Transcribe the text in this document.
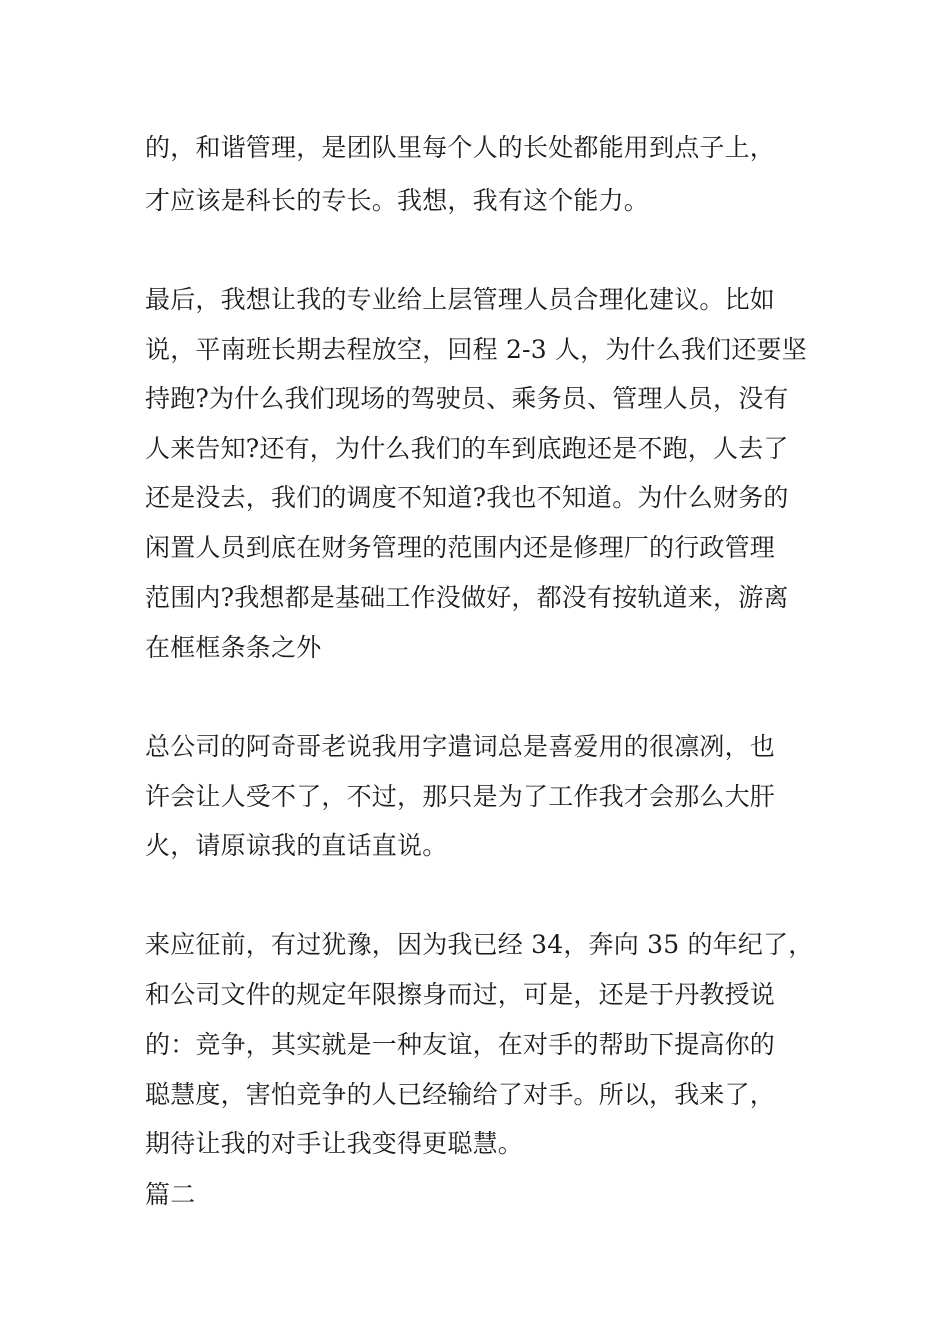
的，和谐管理，是团队里每个人的长处都能用到点子上，
才应该是科长的专长。我想，我有这个能力。
最后，我想让我的专业给上层管理人员合理化建议。比如
说，平南班长期去程放空，回程 2-3 人，为什么我们还要坚
持跑?为什么我们现场的驾驶员、乘务员、管理人员，没有
人来告知?还有，为什么我们的车到底跑还是不跑，人去了
还是没去，我们的调度不知道?我也不知道。为什么财务的
闲置人员到底在财务管理的范围内还是修理厂的行政管理
范围内?我想都是基础工作没做好，都没有按轨道来，游离
在框框条条之外
总公司的阿奇哥老说我用字遣词总是喜爱用的很凛冽，也
许会让人受不了，不过，那只是为了工作我才会那么大肝
火，请原谅我的直话直说。
来应征前，有过犹豫，因为我已经 34，奔向 35 的年纪了，
和公司文件的规定年限擦身而过，可是，还是于丹教授说
的：竞争，其实就是一种友谊，在对手的帮助下提高你的
聪慧度，害怕竞争的人已经输给了对手。所以，我来了，
期待让我的对手让我变得更聪慧。
篇二
